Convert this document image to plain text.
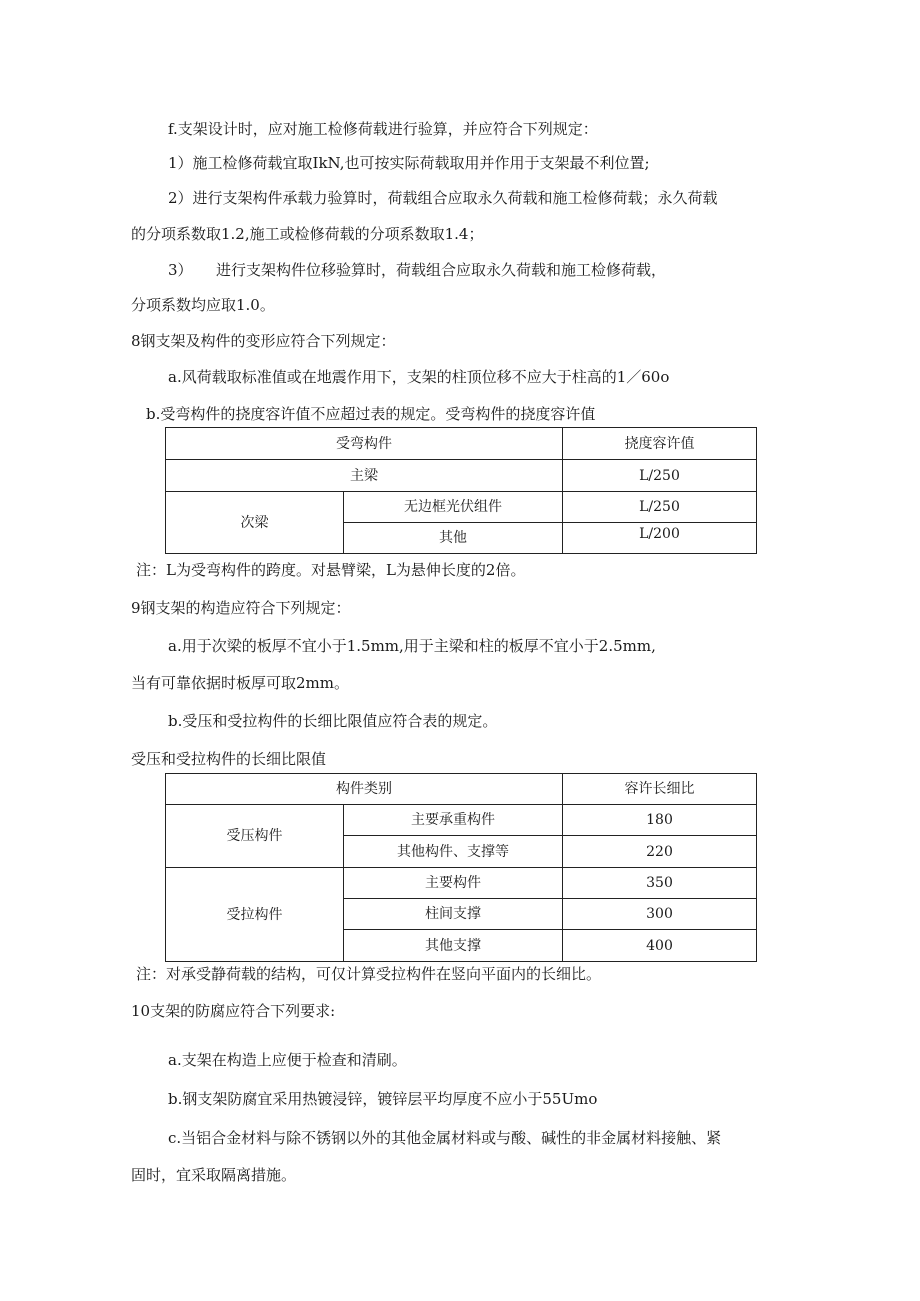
f.支架设计时，应对施工检修荷载进行验算，并应符合下列规定：
1）施工检修荷载宜取IkN,也可按实际荷载取用并作用于支架最不利位置;
2）进行支架构件承载力验算时，荷载组合应取永久荷载和施工检修荷载；永久荷载
的分项系数取1.2,施工或检修荷载的分项系数取1.4；
3） 进行支架构件位移验算时，荷载组合应取永久荷载和施工检修荷载，
分项系数均应取1.0。
8钢支架及构件的变形应符合下列规定：
a.风荷载取标准值或在地震作用下，支架的柱顶位移不应大于柱高的1／60o
b.受弯构件的挠度容许值不应超过表的规定。受弯构件的挠度容许值
受弯构件		挠度容许值
主梁		L/250
次梁	无边框光伏组件	L/250
	其他	L/200
注：L为受弯构件的跨度。对悬臂梁，L为悬伸长度的2倍。
9钢支架的构造应符合下列规定：
a.用于次梁的板厚不宜小于1.5mm,用于主梁和柱的板厚不宜小于2.5mm,
当有可靠依据时板厚可取2mm。
b.受压和受拉构件的长细比限值应符合表的规定。
受压和受拉构件的长细比限值
构件类别		容许长细比
受压构件	主要承重构件	180
	其他构件、支撑等	220
受拉构件	主要构件	350
	柱间支撑	300
	其他支撑	400
注：对承受静荷载的结构，可仅计算受拉构件在竖向平面内的长细比。
10支架的防腐应符合下列要求:
a.支架在构造上应便于检查和清刷。
b.钢支架防腐宜采用热镀浸锌，镀锌层平均厚度不应小于55Umo
c.当铝合金材料与除不锈钢以外的其他金属材料或与酸、碱性的非金属材料接触、紧
固时，宜采取隔离措施。
